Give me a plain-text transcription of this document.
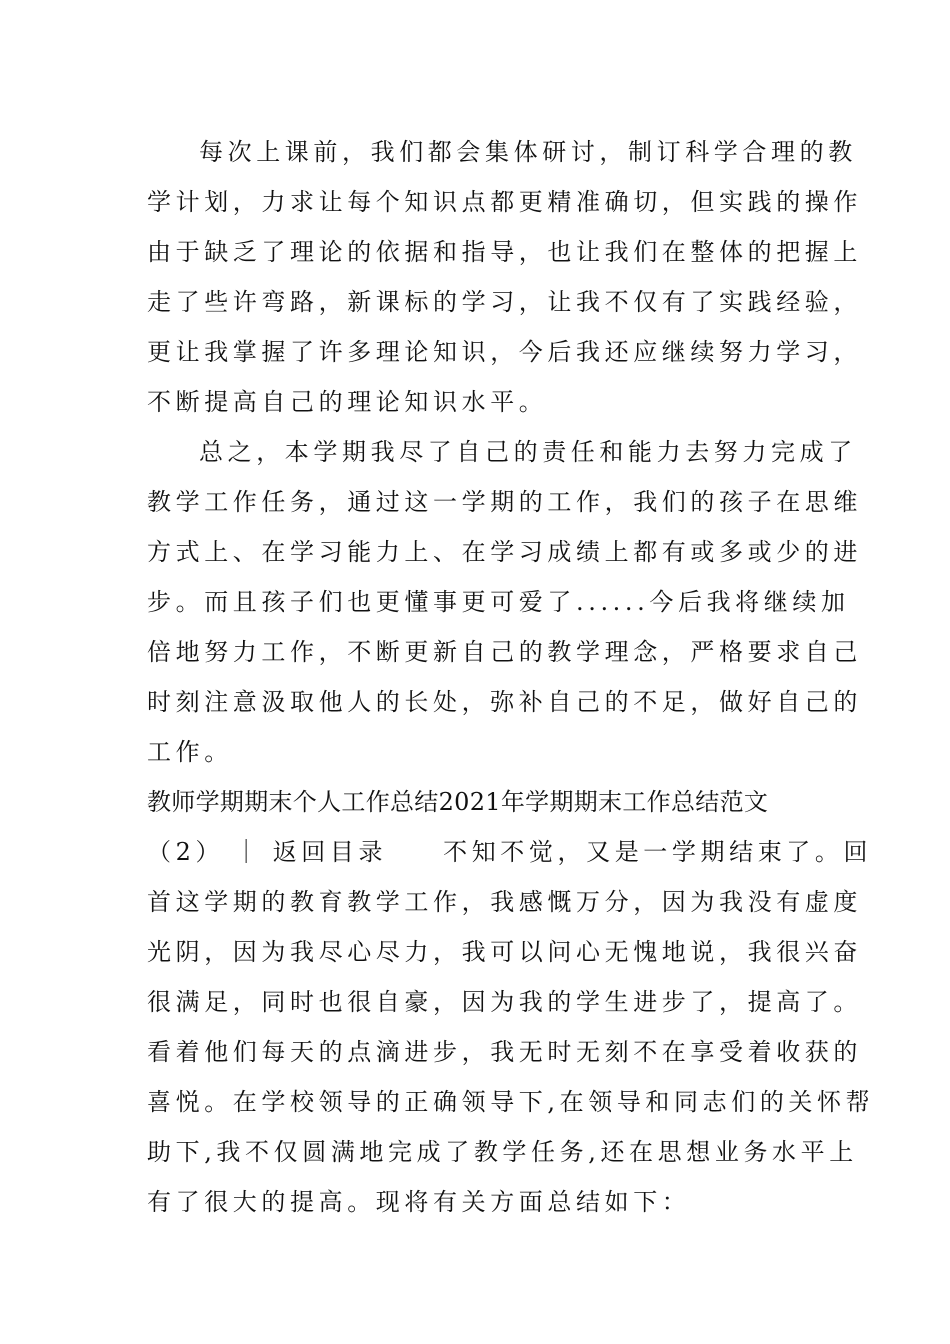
每次上课前，我们都会集体研讨，制订科学合理的教
学计划，力求让每个知识点都更精准确切，但实践的操作
由于缺乏了理论的依据和指导，也让我们在整体的把握上
走了些许弯路，新课标的学习，让我不仅有了实践经验，
更让我掌握了许多理论知识，今后我还应继续努力学习，
不断提高自己的理论知识水平。
总之，本学期我尽了自己的责任和能力去努力完成了
教学工作任务，通过这一学期的工作，我们的孩子在思维
方式上、在学习能力上、在学习成绩上都有或多或少的进
步。而且孩子们也更懂事更可爱了......今后我将继续加
倍地努力工作，不断更新自己的教学理念，严格要求自己
时刻注意汲取他人的长处，弥补自己的不足，做好自己的
工作。
教师学期期末个人工作总结2021年学期期末工作总结范文
（2） ｜ 返回目录 不知不觉，又是一学期结束了。回
首这学期的教育教学工作，我感慨万分，因为我没有虚度
光阴，因为我尽心尽力，我可以问心无愧地说，我很兴奋
很满足，同时也很自豪，因为我的学生进步了，提高了。
看着他们每天的点滴进步，我无时无刻不在享受着收获的
喜悦。在学校领导的正确领导下,在领导和同志们的关怀帮
助下,我不仅圆满地完成了教学任务,还在思想业务水平上
有了很大的提高。现将有关方面总结如下：
